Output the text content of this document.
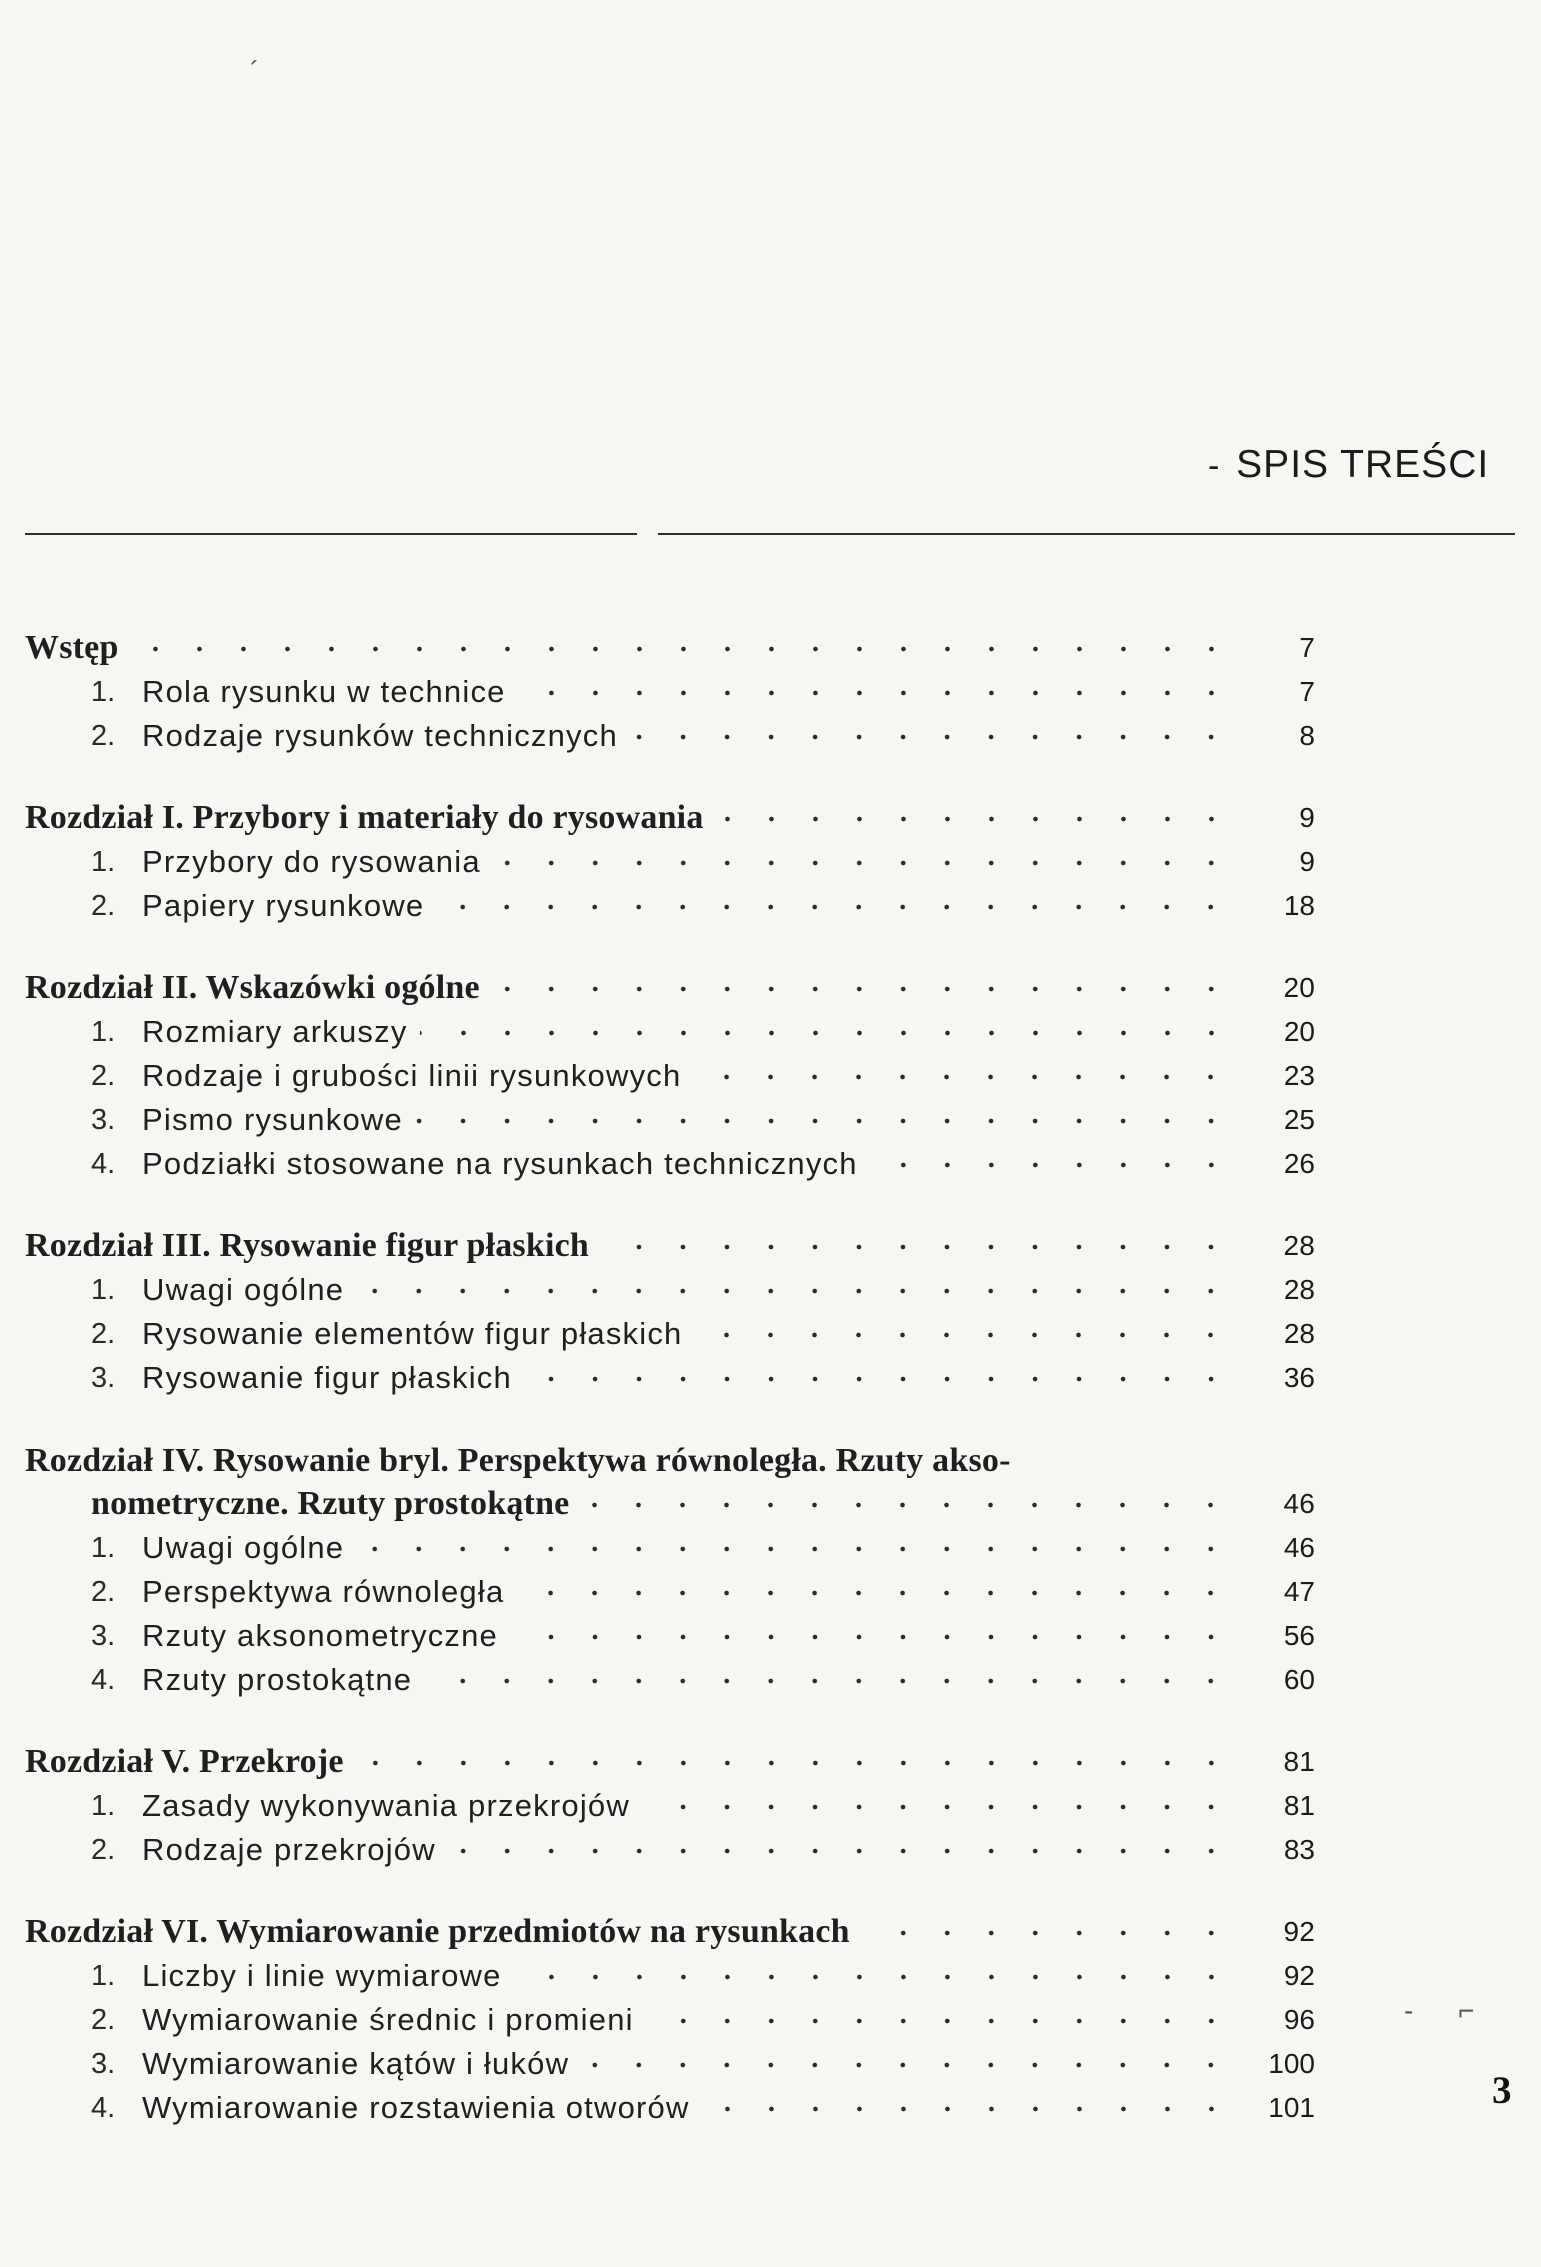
- SPIS TREŚCI
Wstęp	7
1. Rola rysunku w technice	7
2. Rodzaje rysunków technicznych	8
Rozdział I. Przybory i materiały do rysowania	9
1. Przybory do rysowania	9
2. Papiery rysunkowe	18
Rozdział II. Wskazówki ogólne	20
1. Rozmiary arkuszy	20
2. Rodzaje i grubości linii rysunkowych	23
3. Pismo rysunkowe	25
4. Podziałki stosowane na rysunkach technicznych	26
Rozdział III. Rysowanie figur płaskich	28
1. Uwagi ogólne	28
2. Rysowanie elementów figur płaskich	28
3. Rysowanie figur płaskich	36
Rozdział IV. Rysowanie bryl. Perspektywa równoległa. Rzuty akso-
nometryczne. Rzuty prostokątne	46
1. Uwagi ogólne	46
2. Perspektywa równoległa	47
3. Rzuty aksonometryczne	56
4. Rzuty prostokątne	60
Rozdział V. Przekroje	81
1. Zasady wykonywania przekrojów	81
2. Rodzaje przekrojów	83
Rozdział VI. Wymiarowanie przedmiotów na rysunkach	92
1. Liczby i linie wymiarowe	92
2. Wymiarowanie średnic i promieni	96
3. Wymiarowanie kątów i łuków	100
4. Wymiarowanie rozstawienia otworów	101	3
´
⌐
-
